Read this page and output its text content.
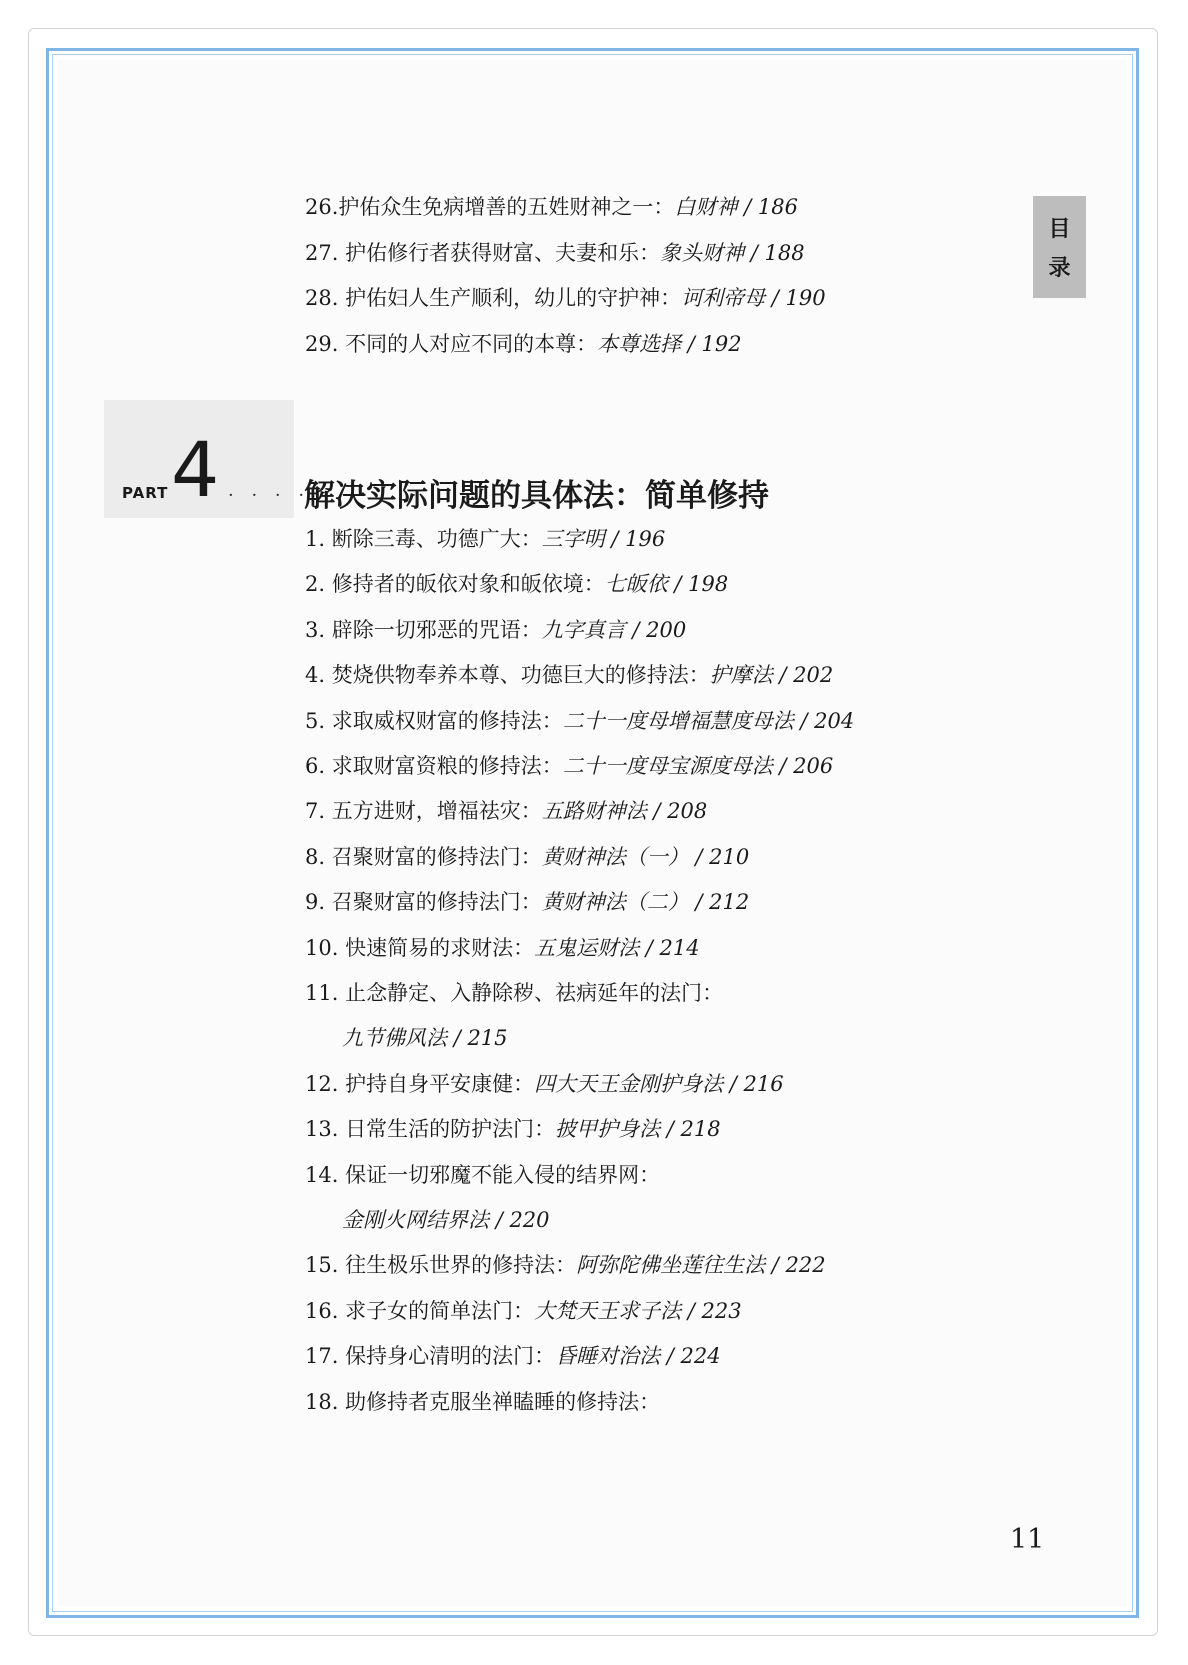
目
录
26.护佑众生免病增善的五姓财神之一：白财神 / 186
27. 护佑修行者获得财富、夫妻和乐：象头财神 / 188
28. 护佑妇人生产顺利，幼儿的守护神：诃利帝母 / 190
29. 不同的人对应不同的本尊：本尊选择 / 192
PART 4 · · · ·
解决实际问题的具体法：简单修持
1. 断除三毒、功德广大：三字明 / 196
2. 修持者的皈依对象和皈依境：七皈依 / 198
3. 辟除一切邪恶的咒语：九字真言 / 200
4. 焚烧供物奉养本尊、功德巨大的修持法：护摩法 / 202
5. 求取威权财富的修持法：二十一度母增福慧度母法 / 204
6. 求取财富资粮的修持法：二十一度母宝源度母法 / 206
7. 五方进财，增福祛灾：五路财神法 / 208
8. 召聚财富的修持法门：黄财神法（一） / 210
9. 召聚财富的修持法门：黄财神法（二） / 212
10. 快速简易的求财法：五鬼运财法 / 214
11. 止念静定、入静除秽、祛病延年的法门：
九节佛风法 / 215
12. 护持自身平安康健：四大天王金刚护身法 / 216
13. 日常生活的防护法门：披甲护身法 / 218
14. 保证一切邪魔不能入侵的结界网：
金刚火网结界法 / 220
15. 往生极乐世界的修持法：阿弥陀佛坐莲往生法 / 222
16. 求子女的简单法门：大梵天王求子法 / 223
17. 保持身心清明的法门：昏睡对治法 / 224
18. 助修持者克服坐禅瞌睡的修持法：
11
